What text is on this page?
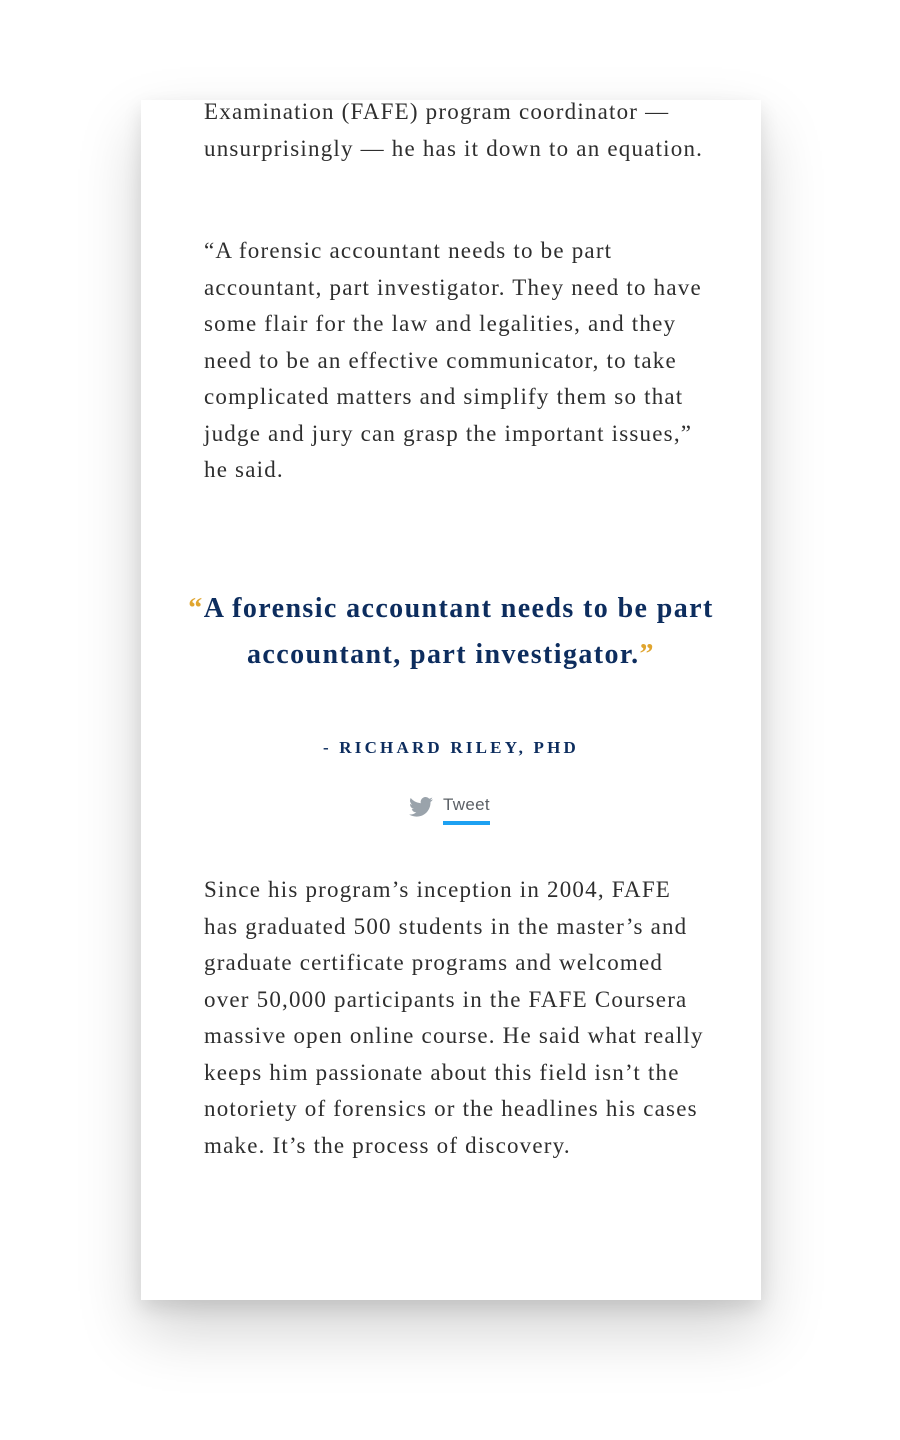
Examination (FAFE) program coordinator — unsurprisingly — he has it down to an equation.

“A forensic accountant needs to be part accountant, part investigator. They need to have some flair for the law and legalities, and they need to be an effective communicator, to take complicated matters and simplify them so that judge and jury can grasp the important issues,” he said.

“A forensic accountant needs to be part accountant, part investigator.”
- RICHARD RILEY, PHD
Tweet

Since his program’s inception in 2004, FAFE has graduated 500 students in the master’s and graduate certificate programs and welcomed over 50,000 participants in the FAFE Coursera massive open online course. He said what really keeps him passionate about this field isn’t the notoriety of forensics or the headlines his cases make. It’s the process of discovery.
